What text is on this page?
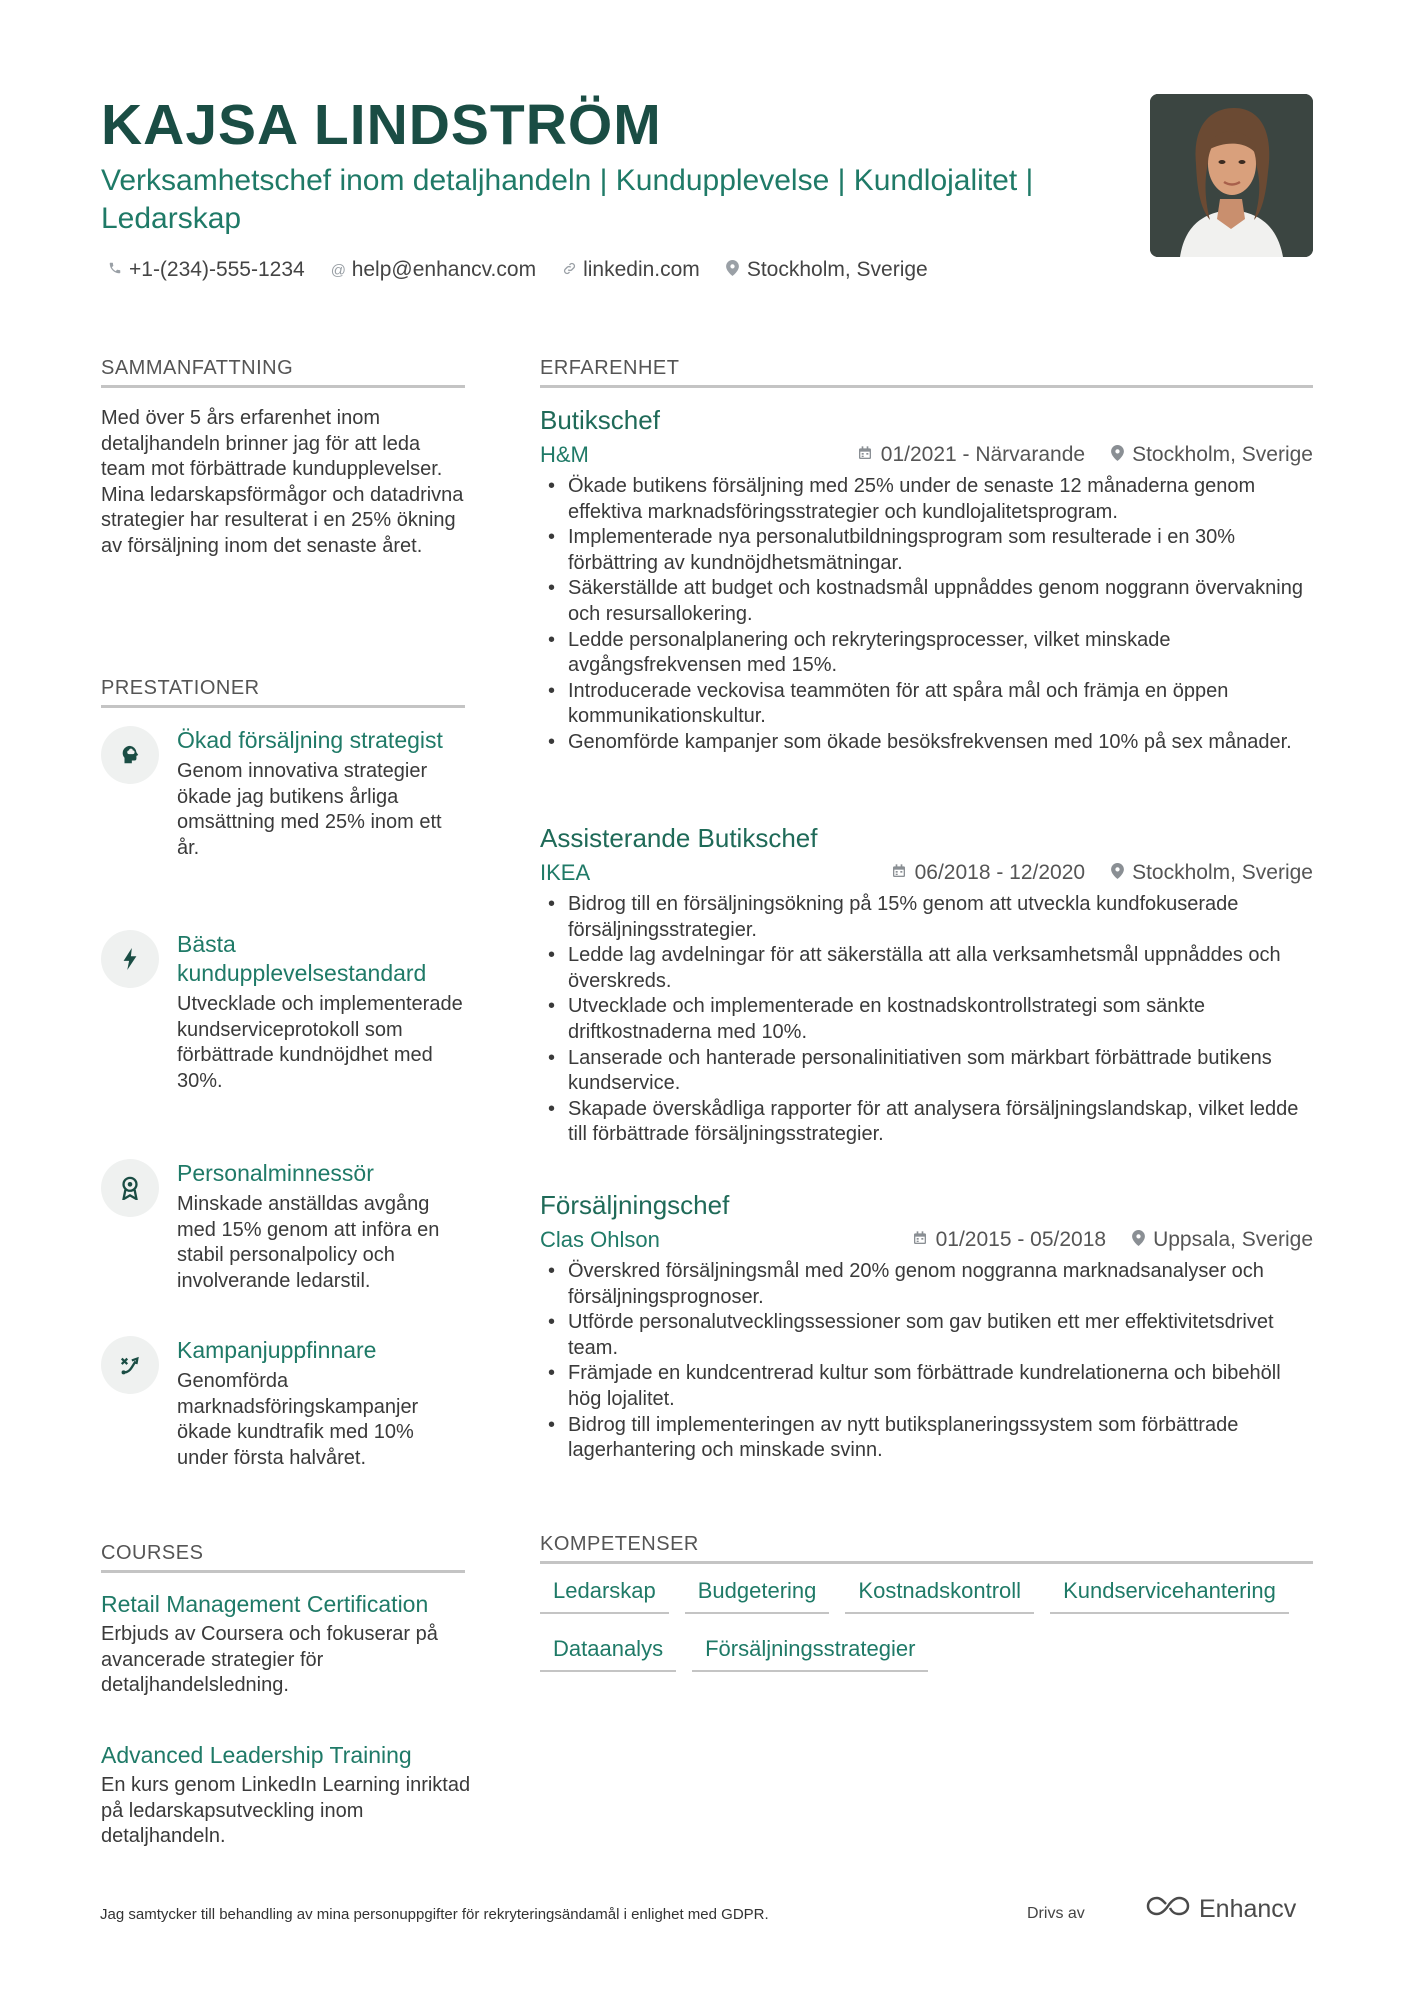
KAJSA LINDSTRÖM
Verksamhetschef inom detaljhandeln | Kundupplevelse | Kundlojalitet | Ledarskap
+1-(234)-555-1234 @ help@enhancv.com linkedin.com Stockholm, Sverige
SAMMANFATTNING
Med över 5 års erfarenhet inom detaljhandeln brinner jag för att leda team mot förbättrade kundupplevelser. Mina ledarskapsförmågor och datadrivna strategier har resulterat i en 25% ökning av försäljning inom det senaste året.
PRESTATIONER
Ökad försäljning strategist
Genom innovativa strategier ökade jag butikens årliga omsättning med 25% inom ett år.
Bästa kundupplevelsestandard
Utvecklade och implementerade kundserviceprotokoll som förbättrade kundnöjdhet med 30%.
Personalminnessör
Minskade anställdas avgång med 15% genom att införa en stabil personalpolicy och involverande ledarstil.
Kampanjuppfinnare
Genomförda marknadsföringskampanjer ökade kundtrafik med 10% under första halvåret.
COURSES
Retail Management Certification
Erbjuds av Coursera och fokuserar på avancerade strategier för detaljhandelsledning.
Advanced Leadership Training
En kurs genom LinkedIn Learning inriktad på ledarskapsutveckling inom detaljhandeln.
ERFARENHET
Butikschef
H&M	01/2021 - Närvarande Stockholm, Sverige
• Ökade butikens försäljning med 25% under de senaste 12 månaderna genom effektiva marknadsföringsstrategier och kundlojalitetsprogram.
• Implementerade nya personalutbildningsprogram som resulterade i en 30% förbättring av kundnöjdhetsmätningar.
• Säkerställde att budget och kostnadsmål uppnåddes genom noggrann övervakning och resursallokering.
• Ledde personalplanering och rekryteringsprocesser, vilket minskade avgångsfrekvensen med 15%.
• Introducerade veckovisa teammöten för att spåra mål och främja en öppen kommunikationskultur.
• Genomförde kampanjer som ökade besöksfrekvensen med 10% på sex månader.
Assisterande Butikschef
IKEA	06/2018 - 12/2020 Stockholm, Sverige
• Bidrog till en försäljningsökning på 15% genom att utveckla kundfokuserade försäljningsstrategier.
• Ledde lag avdelningar för att säkerställa att alla verksamhetsmål uppnåddes och överskreds.
• Utvecklade och implementerade en kostnadskontrollstrategi som sänkte driftkostnaderna med 10%.
• Lanserade och hanterade personalinitiativen som märkbart förbättrade butikens kundservice.
• Skapade överskådliga rapporter för att analysera försäljningslandskap, vilket ledde till förbättrade försäljningsstrategier.
Försäljningschef
Clas Ohlson	01/2015 - 05/2018 Uppsala, Sverige
• Överskred försäljningsmål med 20% genom noggranna marknadsanalyser och försäljningsprognoser.
• Utförde personalutvecklingssessioner som gav butiken ett mer effektivitetsdrivet team.
• Främjade en kundcentrerad kultur som förbättrade kundrelationerna och bibehöll hög lojalitet.
• Bidrog till implementeringen av nytt butiksplaneringssystem som förbättrade lagerhantering och minskade svinn.
KOMPETENSER
Ledarskap	Budgetering	Kostnadskontroll	Kundservicehantering
Dataanalys	Försäljningsstrategier
Jag samtycker till behandling av mina personuppgifter för rekryteringsändamål i enlighet med GDPR.	Drivs av	Enhancv
